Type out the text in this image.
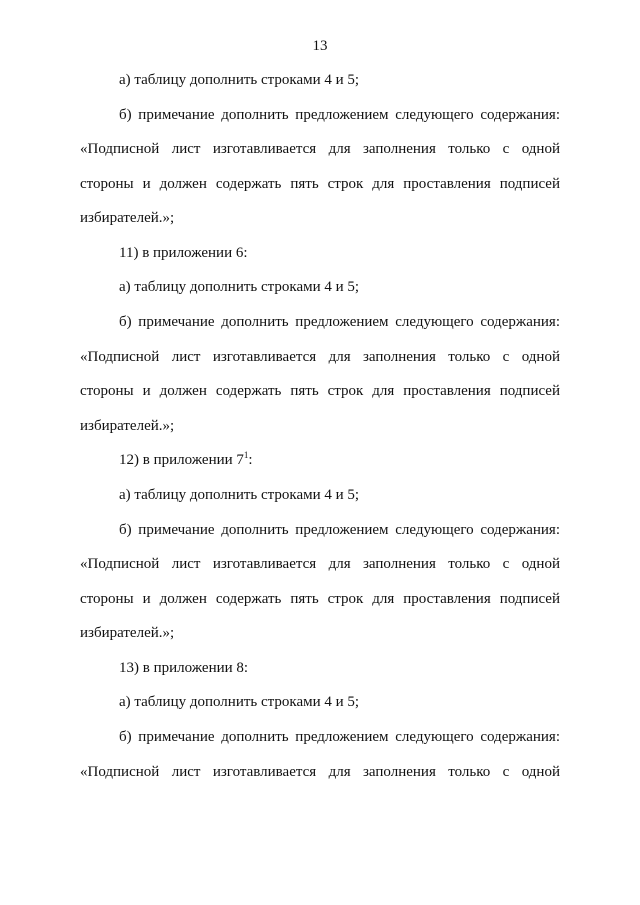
13
а) таблицу дополнить строками 4 и 5;
б) примечание дополнить предложением следующего содержания:
«Подписной лист изготавливается для заполнения только с одной
стороны и должен содержать пять строк для проставления подписей
избирателей.»;
11) в приложении 6:
а) таблицу дополнить строками 4 и 5;
б) примечание дополнить предложением следующего содержания:
«Подписной лист изготавливается для заполнения только с одной
стороны и должен содержать пять строк для проставления подписей
избирателей.»;
12) в приложении $7^1$:
а) таблицу дополнить строками 4 и 5;
б) примечание дополнить предложением следующего содержания:
«Подписной лист изготавливается для заполнения только с одной
стороны и должен содержать пять строк для проставления подписей
избирателей.»;
13) в приложении 8:
а) таблицу дополнить строками 4 и 5;
б) примечание дополнить предложением следующего содержания:
«Подписной лист изготавливается для заполнения только с одной
